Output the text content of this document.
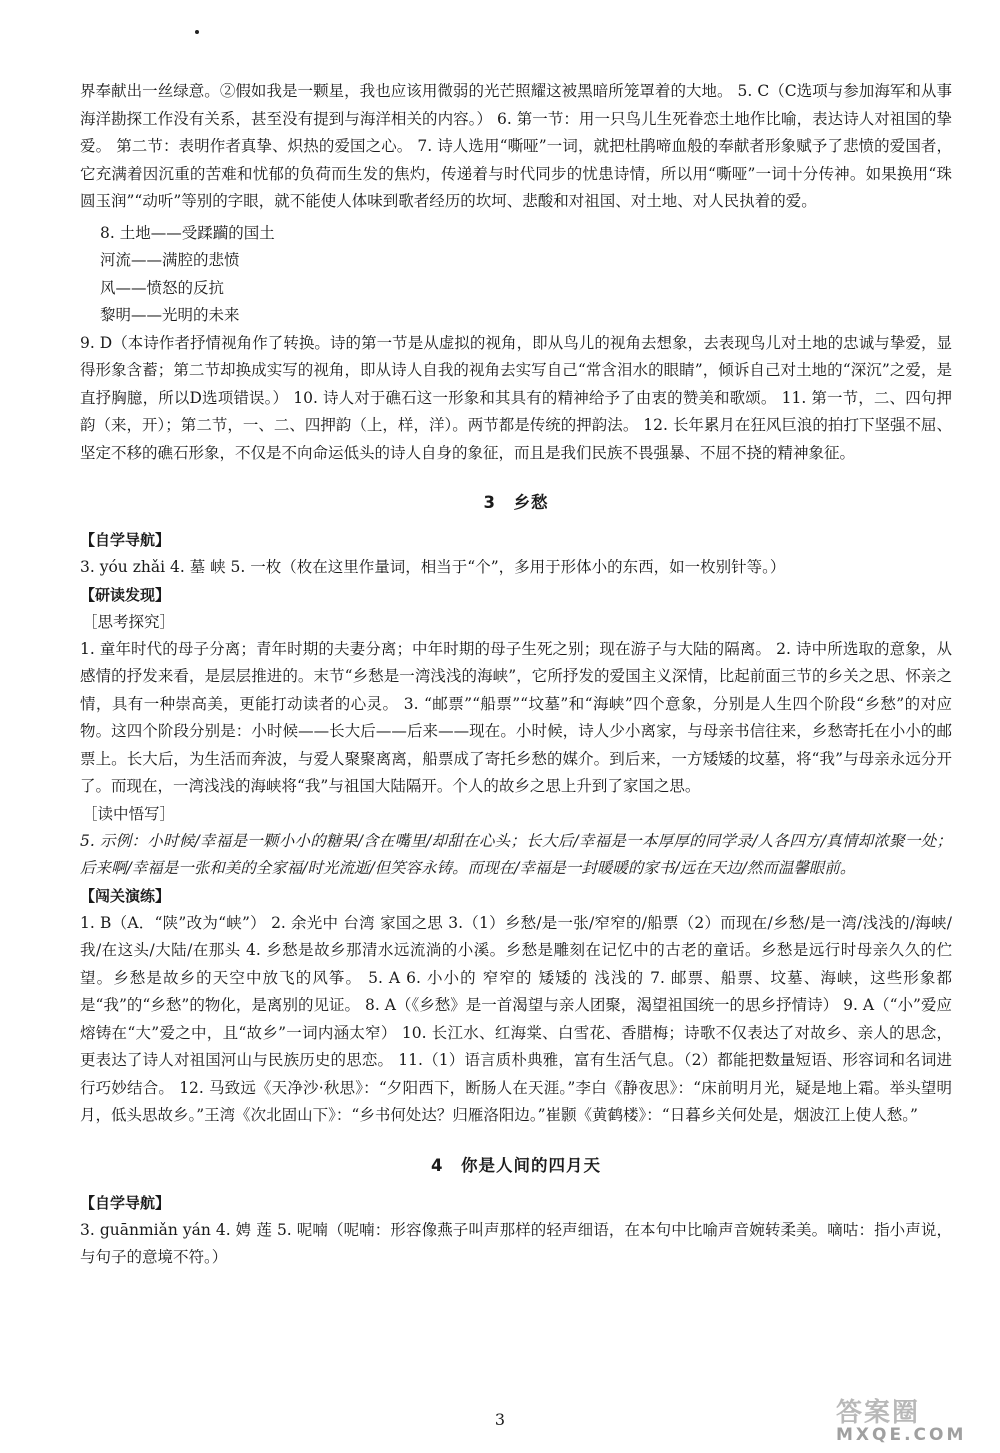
界奉献出一丝绿意。②假如我是一颗星，我也应该用微弱的光芒照耀这被黑暗所笼罩着的大地。 5. C（C选项与参加海军和从事海洋勘探工作没有关系，甚至没有提到与海洋相关的内容。） 6. 第一节：用一只鸟儿生死眷恋土地作比喻，表达诗人对祖国的挚爱。 第二节：表明作者真挚、炽热的爱国之心。 7. 诗人选用“嘶哑”一词，就把杜鹃啼血般的奉献者形象赋予了悲愤的爱国者，它充满着因沉重的苦难和忧郁的负荷而生发的焦灼，传递着与时代同步的忧患诗情，所以用“嘶哑”一词十分传神。如果换用“珠圆玉润”“动听”等别的字眼，就不能使人体味到歌者经历的坎坷、悲酸和对祖国、对土地、对人民执着的爱。

8. 土地——受蹂躏的国土
河流——满腔的悲愤
风——愤怒的反抗
黎明——光明的未来

9. D（本诗作者抒情视角作了转换。诗的第一节是从虚拟的视角，即从鸟儿的视角去想象，去表现鸟儿对土地的忠诚与挚爱，显得形象含蓄；第二节却换成实写的视角，即从诗人自我的视角去实写自己“常含泪水的眼睛”，倾诉自己对土地的“深沉”之爱，是直抒胸臆，所以D选项错误。） 10. 诗人对于礁石这一形象和其具有的精神给予了由衷的赞美和歌颂。 11. 第一节，二、四句押韵（来，开）；第二节，一、二、四押韵（上，样，洋）。两节都是传统的押韵法。 12. 长年累月在狂风巨浪的拍打下坚强不屈、坚定不移的礁石形象，不仅是不向命运低头的诗人自身的象征，而且是我们民族不畏强暴、不屈不挠的精神象征。

3　乡愁

【自学导航】

3. yóu zhǎi 4. 墓 峡 5. 一枚（枚在这里作量词，相当于“个”，多用于形体小的东西，如一枚别针等。）

【研读发现】

［思考探究］

1. 童年时代的母子分离；青年时期的夫妻分离；中年时期的母子生死之别；现在游子与大陆的隔离。 2. 诗中所选取的意象，从感情的抒发来看，是层层推进的。末节“乡愁是一湾浅浅的海峡”，它所抒发的爱国主义深情，比起前面三节的乡关之思、怀亲之情，具有一种崇高美，更能打动读者的心灵。 3. “邮票”“船票”“坟墓”和“海峡”四个意象，分别是人生四个阶段“乡愁”的对应物。这四个阶段分别是：小时候——长大后——后来——现在。小时候，诗人少小离家，与母亲书信往来，乡愁寄托在小小的邮票上。长大后，为生活而奔波，与爱人聚聚离离，船票成了寄托乡愁的媒介。到后来，一方矮矮的坟墓，将“我”与母亲永远分开了。而现在，一湾浅浅的海峡将“我”与祖国大陆隔开。个人的故乡之思上升到了家国之思。

［读中悟写］

5. 示例：小时候/幸福是一颗小小的糖果/含在嘴里/却甜在心头；长大后/幸福是一本厚厚的同学录/人各四方/真情却浓聚一处；后来啊/幸福是一张和美的全家福/时光流逝/但笑容永铸。而现在/幸福是一封暖暖的家书/远在天边/然而温馨眼前。

【闯关演练】

1. B（A．“陕”改为“峡”） 2. 余光中 台湾 家国之思 3.（1）乡愁/是一张/窄窄的/船票（2）而现在/乡愁/是一湾/浅浅的/海峡/我/在这头/大陆/在那头 4. 乡愁是故乡那清水远流淌的小溪。乡愁是雕刻在记忆中的古老的童话。乡愁是远行时母亲久久的伫望。乡愁是故乡的天空中放飞的风筝。 5. A 6. 小小的 窄窄的 矮矮的 浅浅的 7. 邮票、船票、坟墓、海峡，这些形象都是“我”的“乡愁”的物化，是离别的见证。 8. A（《乡愁》是一首渴望与亲人团聚，渴望祖国统一的思乡抒情诗） 9. A（“小”爱应熔铸在“大”爱之中，且“故乡”一词内涵太窄） 10. 长江水、红海棠、白雪花、香腊梅；诗歌不仅表达了对故乡、亲人的思念，更表达了诗人对祖国河山与民族历史的思恋。 11.（1）语言质朴典雅，富有生活气息。（2）都能把数量短语、形容词和名词进行巧妙结合。 12. 马致远《天净沙·秋思》：“夕阳西下，断肠人在天涯。”李白《静夜思》：“床前明月光，疑是地上霜。举头望明月，低头思故乡。”王湾《次北固山下》：“乡书何处达？归雁洛阳边。”崔颢《黄鹤楼》：“日暮乡关何处是，烟波江上使人愁。”

4　你是人间的四月天

【自学导航】

3. guānmiǎn yán 4. 娉 莲 5. 呢喃（呢喃：形容像燕子叫声那样的轻声细语，在本句中比喻声音婉转柔美。嘀咕：指小声说，与句子的意境不符。）

3	答案圈
MXQE.COM
